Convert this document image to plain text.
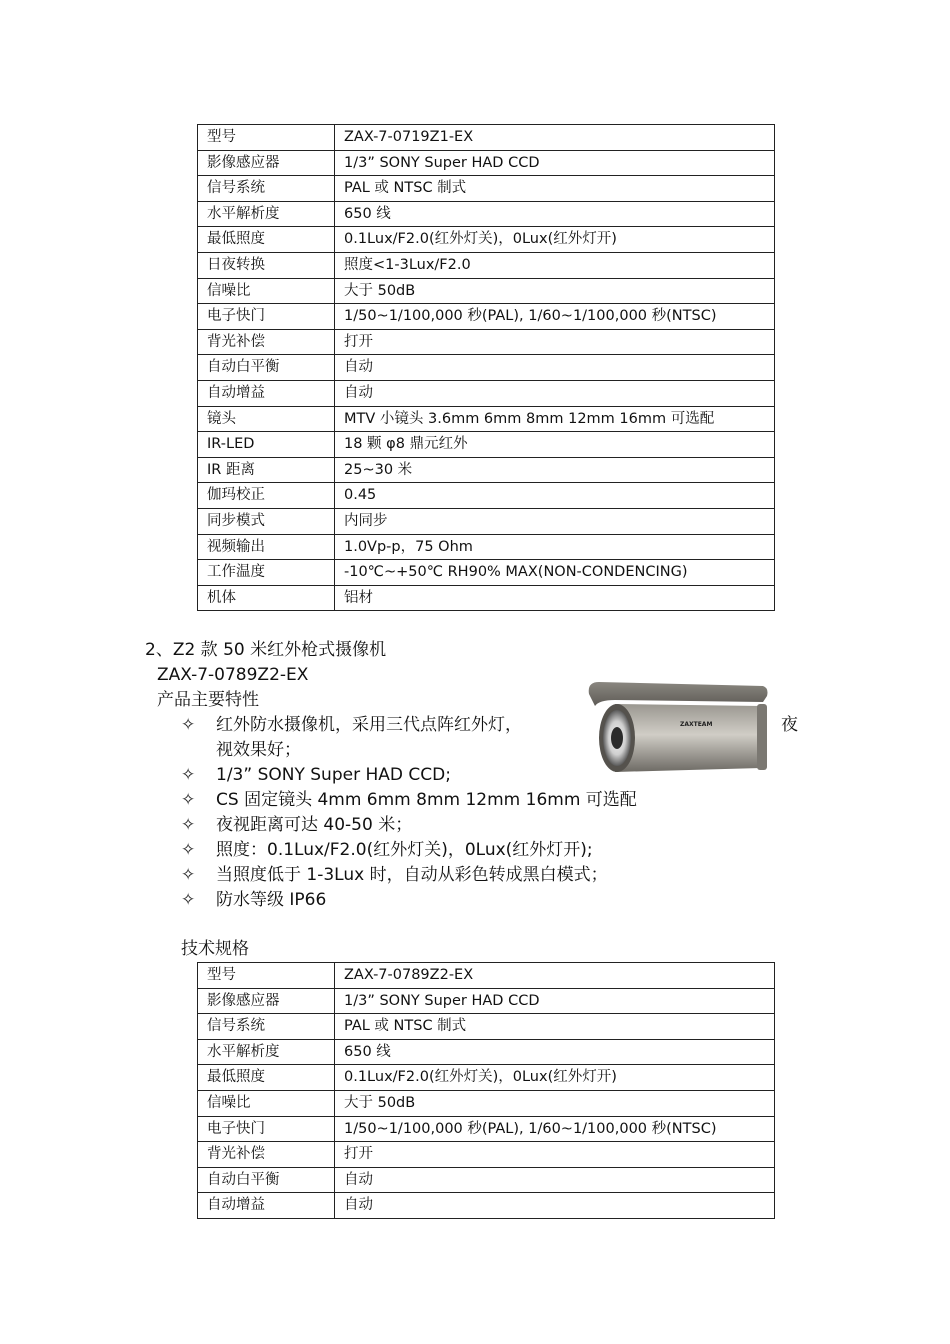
型号	ZAX-7-0719Z1-EX
影像感应器	1/3” SONY Super HAD CCD
信号系统	PAL 或 NTSC 制式
水平解析度	650 线
最低照度	0.1Lux/F2.0(红外灯关)，0Lux(红外灯开)
日夜转换	照度<1-3Lux/F2.0
信噪比	大于 50dB
电子快门	1/50~1/100,000 秒(PAL), 1/60~1/100,000 秒(NTSC)
背光补偿	打开
自动白平衡	自动
自动增益	自动
镜头	MTV 小镜头 3.6mm 6mm 8mm 12mm 16mm 可选配
IR-LED	18 颗 φ8 鼎元红外
IR 距离	25~30 米
伽玛校正	0.45
同步模式	内同步
视频输出	1.0Vp-p，75 Ohm
工作温度	-10℃~+50℃ RH90% MAX(NON-CONDENCING)
机体	铝材
2、Z2 款 50 米红外枪式摄像机
ZAX-7-0789Z2-EX
产品主要特性
✧ 红外防水摄像机，采用三代点阵红外灯，	夜
视效果好；
✧ 1/3” SONY Super HAD CCD;
✧ CS 固定镜头 4mm 6mm 8mm 12mm 16mm 可选配
✧ 夜视距离可达 40-50 米；
✧ 照度：0.1Lux/F2.0(红外灯关)，0Lux(红外灯开);
✧ 当照度低于 1-3Lux 时，自动从彩色转成黑白模式；
✧ 防水等级 IP66
ZAXTEAM
技术规格
型号	ZAX-7-0789Z2-EX
影像感应器	1/3” SONY Super HAD CCD
信号系统	PAL 或 NTSC 制式
水平解析度	650 线
最低照度	0.1Lux/F2.0(红外灯关)，0Lux(红外灯开)
信噪比	大于 50dB
电子快门	1/50~1/100,000 秒(PAL), 1/60~1/100,000 秒(NTSC)
背光补偿	打开
自动白平衡	自动
自动增益	自动
